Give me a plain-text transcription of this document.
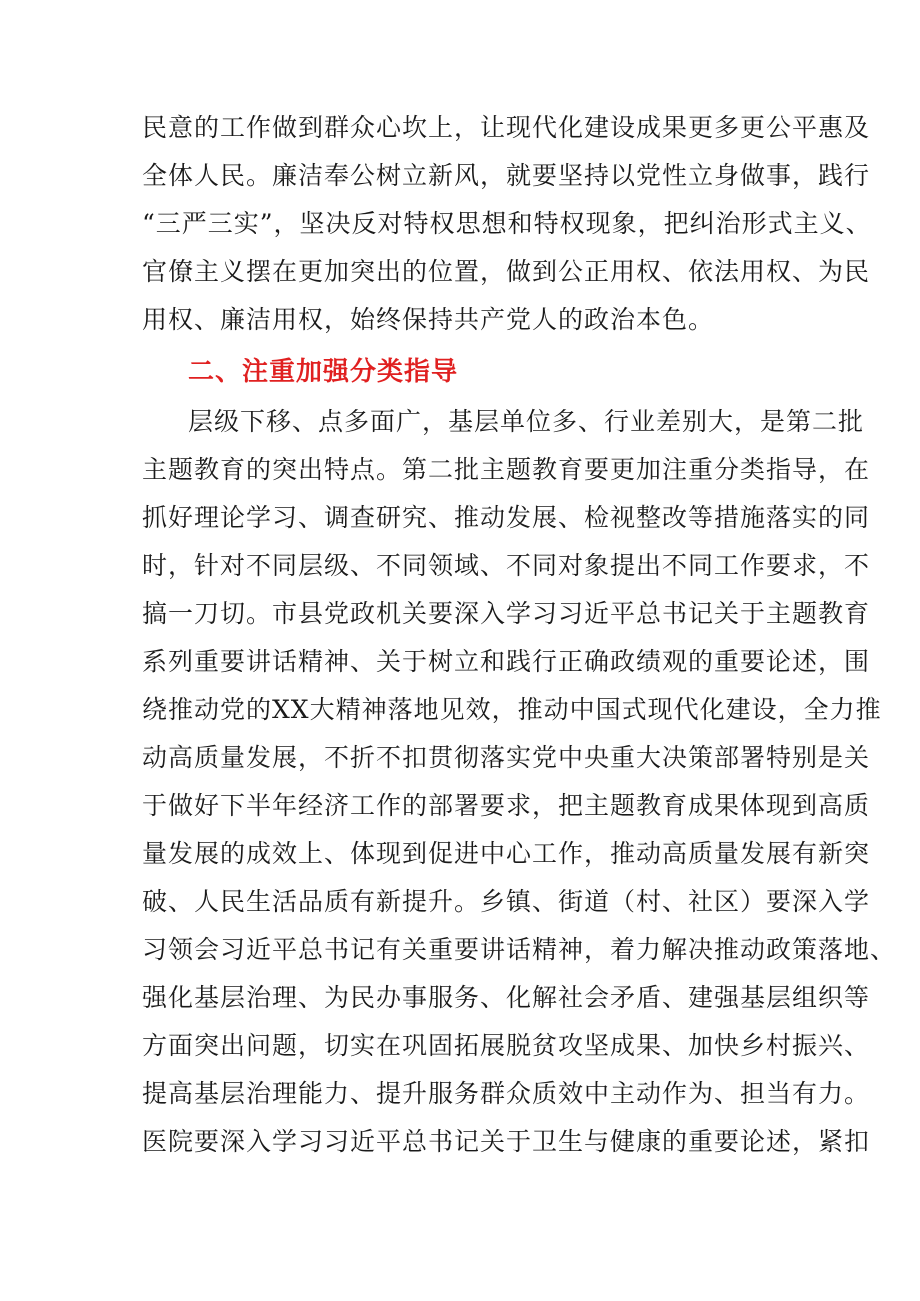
民意的工作做到群众心坎上，让现代化建设成果更多更公平惠及
全体人民。廉洁奉公树立新风，就要坚持以党性立身做事，践行
“三严三实”，坚决反对特权思想和特权现象，把纠治形式主义、
官僚主义摆在更加突出的位置，做到公正用权、依法用权、为民
用权、廉洁用权，始终保持共产党人的政治本色。
二、注重加强分类指导
层级下移、点多面广，基层单位多、行业差别大，是第二批
主题教育的突出特点。第二批主题教育要更加注重分类指导，在
抓好理论学习、调查研究、推动发展、检视整改等措施落实的同
时，针对不同层级、不同领域、不同对象提出不同工作要求，不
搞一刀切。市县党政机关要深入学习习近平总书记关于主题教育
系列重要讲话精神、关于树立和践行正确政绩观的重要论述，围
绕推动党的XX大精神落地见效，推动中国式现代化建设，全力推
动高质量发展，不折不扣贯彻落实党中央重大决策部署特别是关
于做好下半年经济工作的部署要求，把主题教育成果体现到高质
量发展的成效上、体现到促进中心工作，推动高质量发展有新突
破、人民生活品质有新提升。乡镇、街道（村、社区）要深入学
习领会习近平总书记有关重要讲话精神，着力解决推动政策落地、
强化基层治理、为民办事服务、化解社会矛盾、建强基层组织等
方面突出问题，切实在巩固拓展脱贫攻坚成果、加快乡村振兴、
提高基层治理能力、提升服务群众质效中主动作为、担当有力。
医院要深入学习习近平总书记关于卫生与健康的重要论述，紧扣
